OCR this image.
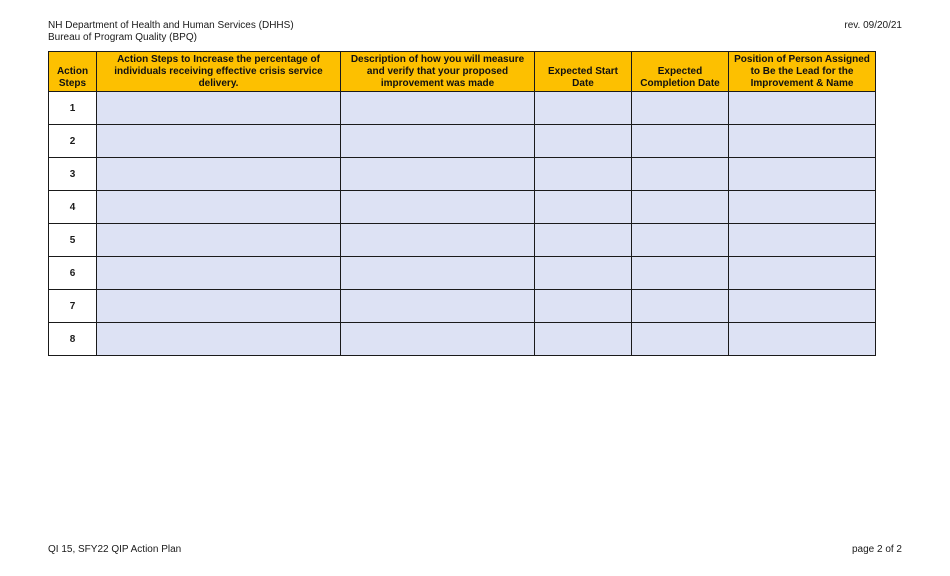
NH Department of Health and Human Services (DHHS)
Bureau of Program Quality (BPQ)
rev. 09/20/21
Action Steps	Action Steps to Increase the percentage of individuals receiving effective crisis service delivery.	Description of how you will measure and verify that your proposed improvement was made	Expected Start Date	Expected Completion Date	Position of Person Assigned to Be the Lead for the Improvement & Name
1					
2					
3					
4					
5					
6					
7					
8					
QI 15, SFY22 QIP Action Plan	page 2 of 2
